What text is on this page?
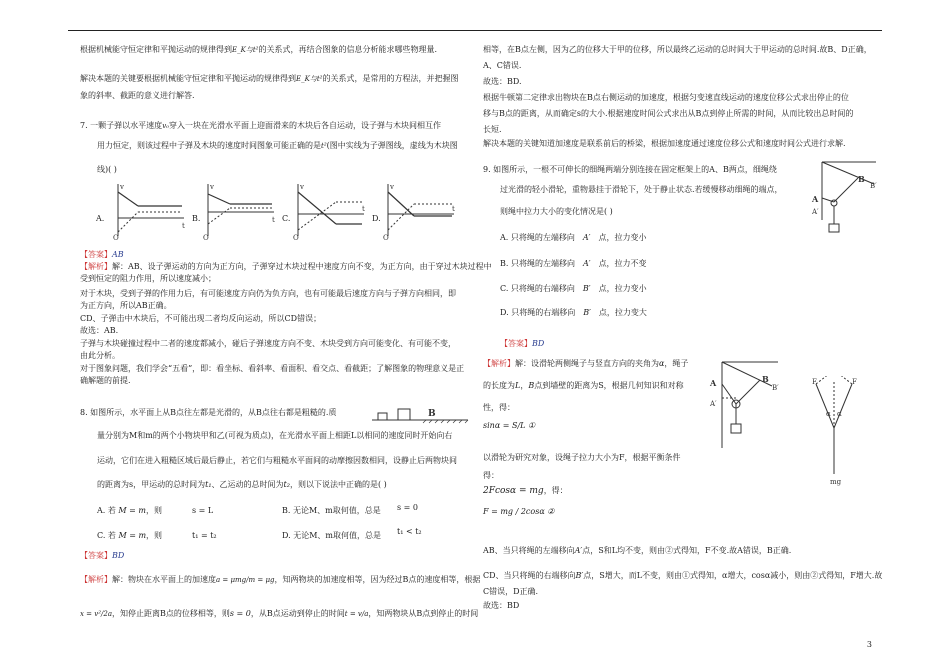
根据机械能守恒定律和平抛运动的规律得到E_K与t²的关系式，再结合图象的信息分析能求哪些物理量.
解决本题的关键要根据机械能守恒定律和平抛运动的规律得到E_K与t²的关系式，是常用的方程法，并把握图
象的斜率、截距的意义进行解答.
7. 一颗子弹以水平速度v₀穿入一块在光滑水平面上迎面滑来的木块后各自运动，设子弹与木块间相互作
用力恒定，则该过程中子弹及木块的速度时间图象可能正确的是t²(图中实线为子弹图线，虚线为木块图
线)( )
A.	B.	C.	D.
v
t
O
v
t
O
v
t
O
v
t
O
【答案】AB
【解析】解：AB、设子弹运动的方向为正方向，子弹穿过木块过程中速度方向不变，为正方向，由于穿过木块过程中
受到恒定的阻力作用，所以速度减小；
对于木块，受到子弹的作用力后，有可能速度方向仍为负方向，也有可能最后速度方向与子弹方向相同，即
为正方向，所以AB正确。
CD、子弹击中木块后，不可能出现二者均反向运动，所以CD错误；
故选：AB.
子弹与木块碰撞过程中二者的速度都减小，碰后子弹速度方向不变、木块受到方向可能变化、有可能不变，
由此分析。
对于图象问题，我们学会“五看”，即：看坐标、看斜率、看面积、看交点、看截距；了解图象的物理意义是正
确解题的前提.
8. 如图所示，水平面上从B点往左都是光滑的，从B点往右都是粗糙的.质	B
量分别为M和m的两个小物块甲和乙(可视为质点)，在光滑水平面上相距L以相同的速度同时开始向右
运动，它们在进入粗糙区域后最后静止，若它们与粗糙水平面间的动摩擦因数相同，设静止后两物块间
的距离为s，甲运动的总时间为t₁、乙运动的总时间为t₂，则以下说法中正确的是( )
A. 若 M = m，则	s = L	B. 无论M、m取何值，总是 s = 0
C. 若 M = m，则	t₁ = t₂	D. 无论M、m取何值，总是 t₁ < t₂
【答案】BD
【解析】解：物块在水平面上的加速度a = μmg/m = μg，知两物块的加速度相等，因为经过B点的速度相等，根据
x = v²/2a，知停止距离B点的位移相等，则s = 0，从B点运动到停止的时间t = v/a，知两物块从B点到停止的时间
相等，在B点左侧，因为乙的位移大于甲的位移，所以最终乙运动的总时间大于甲运动的总时间.故B、D正确，
A、C错误.
故选：BD.
根据牛顿第二定律求出物块在B点右侧运动的加速度，根据匀变速直线运动的速度位移公式求出停止的位
移与B点的距离，从而确定s的大小.根据速度时间公式求出从B点到停止所需的时间，从而比较出总时间的
长短.
解决本题的关键知道加速度是联系前后的桥梁，根据加速度通过速度位移公式和速度时间公式进行求解.
9. 如图所示，一根不可伸长的细绳两端分别连接在固定框架上的A、B两点，细绳绕
过光滑的轻小滑轮，重物悬挂于滑轮下，处于静止状态.若缓慢移动细绳的端点，
则绳中拉力大小的变化情况是( )
A
A′
B
B′
A. 只将绳的左端移向 A′ 点，拉力变小
B. 只将绳的左端移向 A′ 点，拉力不变
C. 只将绳的右端移向 B′ 点，拉力变小
D. 只将绳的右端移向 B′ 点，拉力变大
【答案】BD
【解析】解：设滑轮两侧绳子与竖直方向的夹角为α，绳子
的长度为L，B点到墙壁的距离为S，根据几何知识和对称
性，得：
sinα = S/L ①
以滑轮为研究对象，设绳子拉力大小为F，根据平衡条件
得：
2Fcosα = mg，得：
F = mg / 2cosα ②
A
A′
B
B′
F	F
α α
mg
AB、当只将绳的左端移向A′点，S和L均不变，则由②式得知，F不变.故A错误，B正确.
CD、当只将绳的右端移向B′点，S增大，而L不变，则由①式得知，α增大，cosα减小，则由②式得知，F增大.故
C错误，D正确.
故选：BD
3
